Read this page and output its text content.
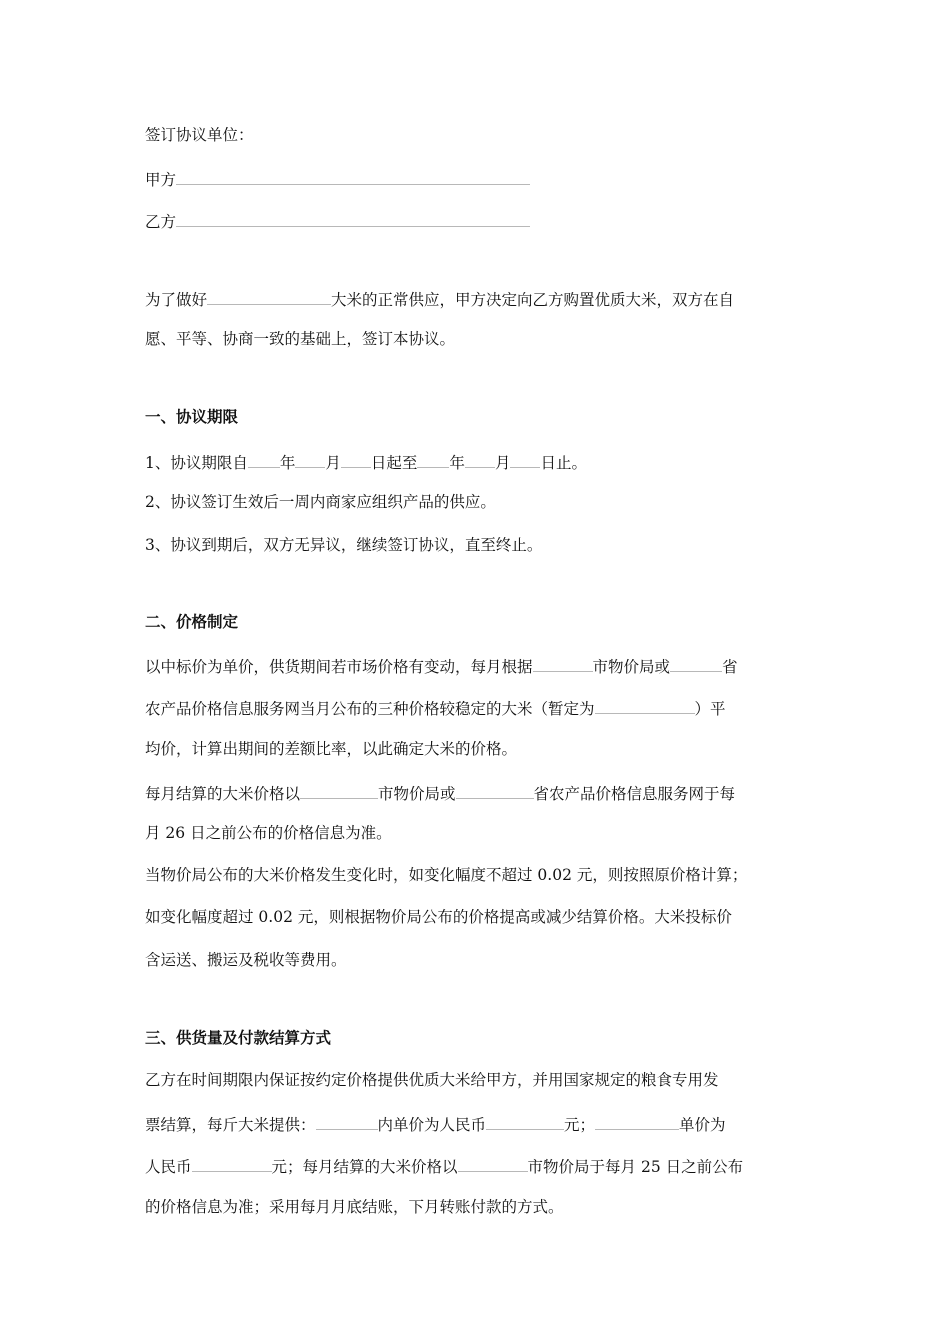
签订协议单位：
甲方
乙方
为了做好	大米的正常供应，甲方决定向乙方购置优质大米，双方在自
愿、平等、协商一致的基础上，签订本协议。
一、协议期限
1、协议期限自 年 月 日起至 年 月 日止。
2、协议签订生效后一周内商家应组织产品的供应。
3、协议到期后，双方无异议，继续签订协议，直至终止。
二、价格制定
以中标价为单价，供货期间若市场价格有变动，每月根据	市物价局或	省
农产品价格信息服务网当月公布的三种价格较稳定的大米（暂定为	）平
均价，计算出期间的差额比率，以此确定大米的价格。
每月结算的大米价格以	市物价局或	省农产品价格信息服务网于每
月 26 日之前公布的价格信息为准。
当物价局公布的大米价格发生变化时，如变化幅度不超过 0.02 元，则按照原价格计算；
如变化幅度超过 0.02 元，则根据物价局公布的价格提高或减少结算价格。大米投标价
含运送、搬运及税收等费用。
三、供货量及付款结算方式
乙方在时间期限内保证按约定价格提供优质大米给甲方，并用国家规定的粮食专用发
票结算，每斤大米提供：	内单价为人民币	元；	单价为
人民币	元；每月结算的大米价格以	市物价局于每月 25 日之前公布
的价格信息为准；采用每月月底结账，下月转账付款的方式。
